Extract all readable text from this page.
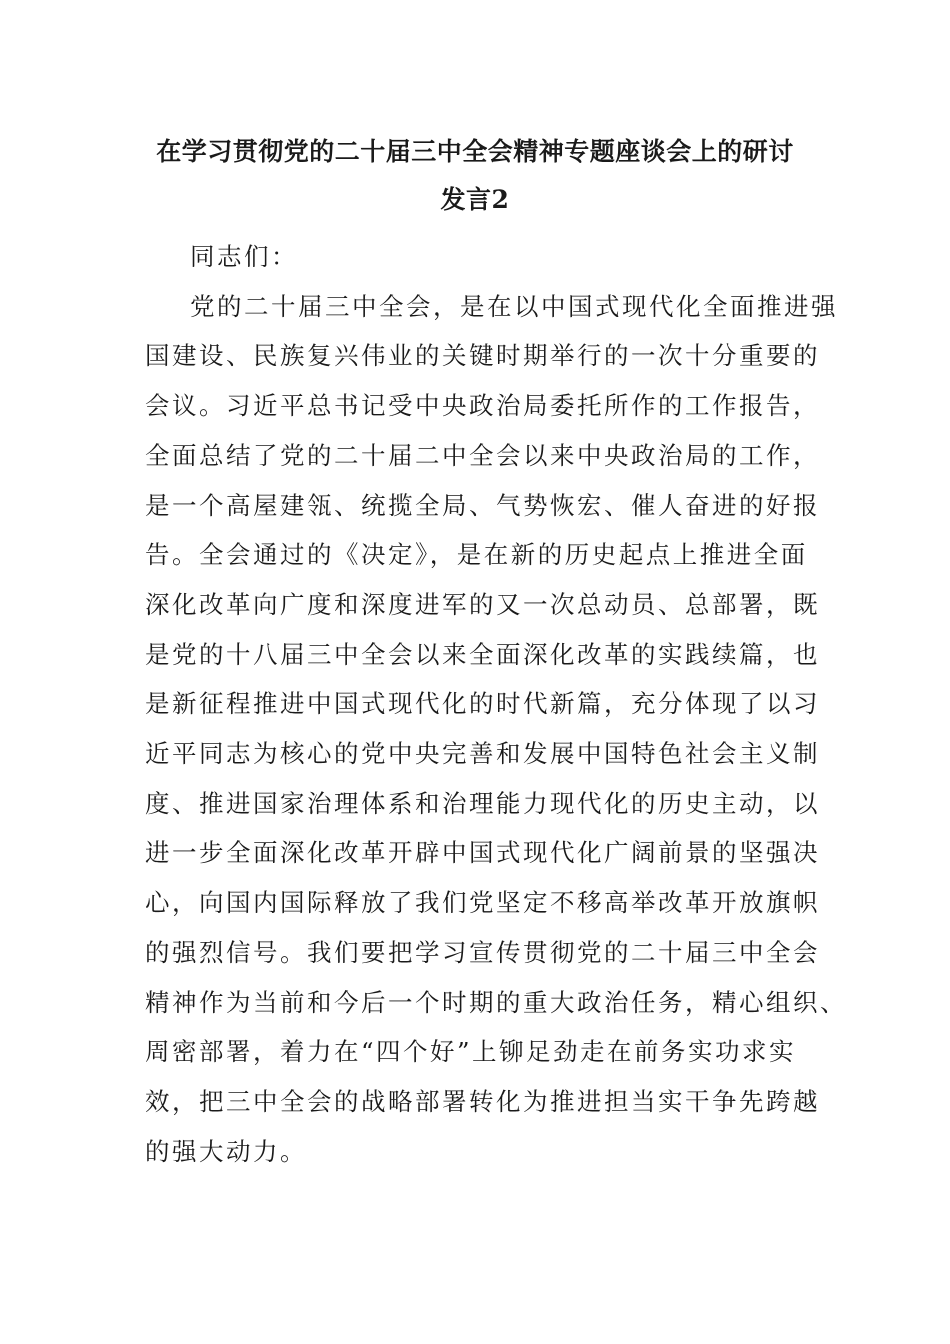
在学习贯彻党的二十届三中全会精神专题座谈会上的研讨
发言2
同志们：
党的二十届三中全会，是在以中国式现代化全面推进强
国建设、民族复兴伟业的关键时期举行的一次十分重要的
会议。习近平总书记受中央政治局委托所作的工作报告，
全面总结了党的二十届二中全会以来中央政治局的工作，
是一个高屋建瓴、统揽全局、气势恢宏、催人奋进的好报
告。全会通过的《决定》，是在新的历史起点上推进全面
深化改革向广度和深度进军的又一次总动员、总部署，既
是党的十八届三中全会以来全面深化改革的实践续篇，也
是新征程推进中国式现代化的时代新篇，充分体现了以习
近平同志为核心的党中央完善和发展中国特色社会主义制
度、推进国家治理体系和治理能力现代化的历史主动，以
进一步全面深化改革开辟中国式现代化广阔前景的坚强决
心，向国内国际释放了我们党坚定不移高举改革开放旗帜
的强烈信号。我们要把学习宣传贯彻党的二十届三中全会
精神作为当前和今后一个时期的重大政治任务，精心组织、
周密部署，着力在“四个好”上铆足劲走在前务实功求实
效，把三中全会的战略部署转化为推进担当实干争先跨越
的强大动力。
